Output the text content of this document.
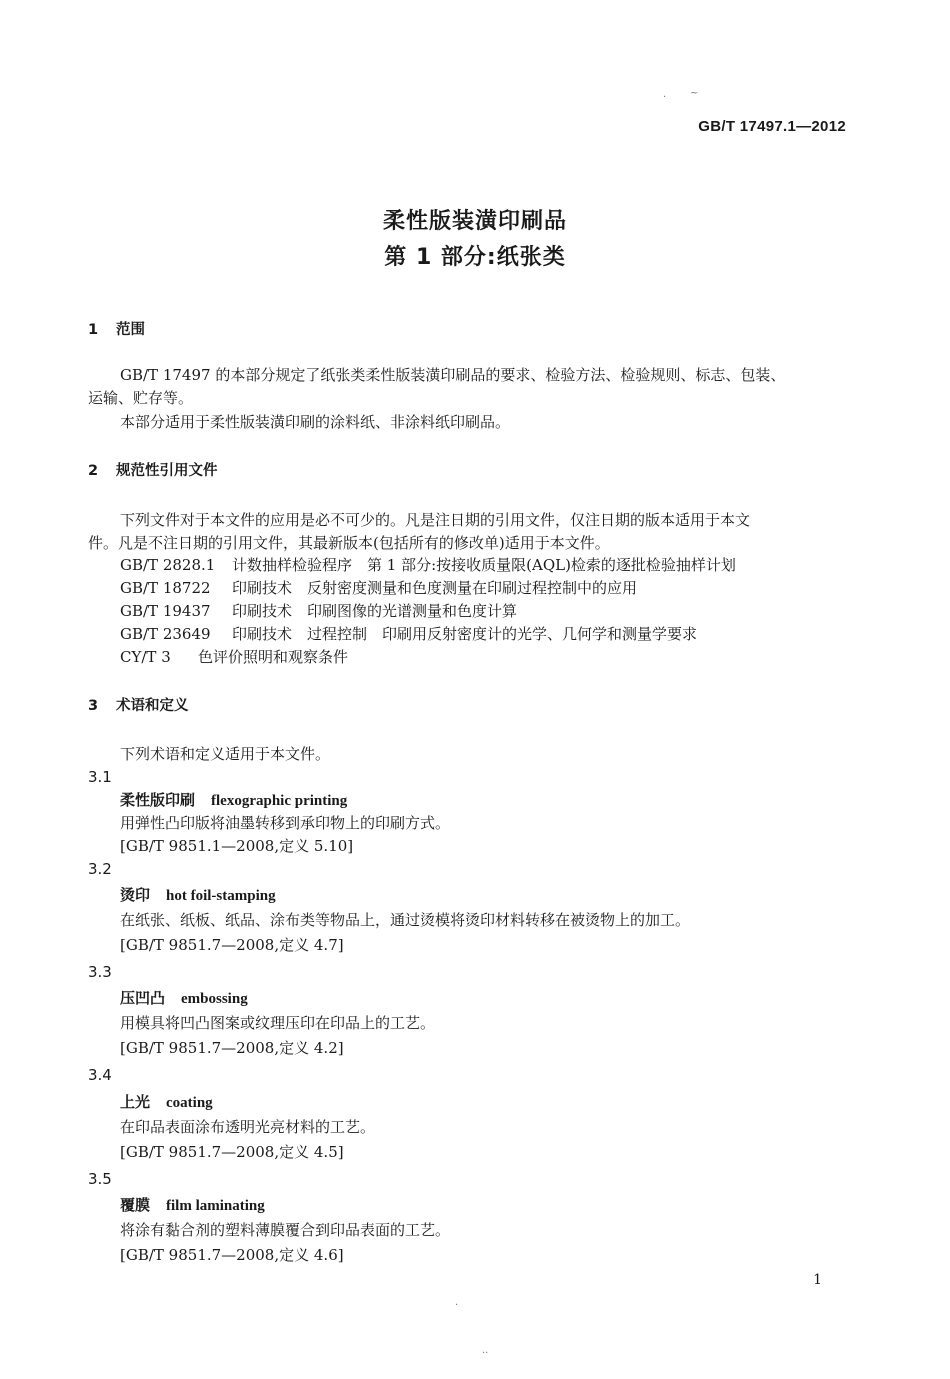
· ~
GB/T 17497.1—2012
柔性版装潢印刷品
第 1 部分:纸张类
1 范围
GB/T 17497 的本部分规定了纸张类柔性版装潢印刷品的要求、检验方法、检验规则、标志、包装、
运输、贮存等。
本部分适用于柔性版装潢印刷的涂料纸、非涂料纸印刷品。
2 规范性引用文件
下列文件对于本文件的应用是必不可少的。凡是注日期的引用文件，仅注日期的版本适用于本文
件。凡是不注日期的引用文件，其最新版本(包括所有的修改单)适用于本文件。
GB/T 2828.1 计数抽样检验程序　第 1 部分:按接收质量限(AQL)检索的逐批检验抽样计划
GB/T 18722 印刷技术　反射密度测量和色度测量在印刷过程控制中的应用
GB/T 19437 印刷技术　印刷图像的光谱测量和色度计算
GB/T 23649 印刷技术　过程控制　印刷用反射密度计的光学、几何学和测量学要求
CY/T 3 色评价照明和观察条件
3 术语和定义
下列术语和定义适用于本文件。
3.1
柔性版印刷 flexographic printing
用弹性凸印版将油墨转移到承印物上的印刷方式。
[GB/T 9851.1—2008,定义 5.10]
3.2
烫印 hot foil-stamping
在纸张、纸板、纸品、涂布类等物品上，通过烫模将烫印材料转移在被烫物上的加工。
[GB/T 9851.7—2008,定义 4.7]
3.3
压凹凸 embossing
用模具将凹凸图案或纹理压印在印品上的工艺。
[GB/T 9851.7—2008,定义 4.2]
3.4
上光 coating
在印品表面涂布透明光亮材料的工艺。
[GB/T 9851.7—2008,定义 4.5]
3.5
覆膜 film laminating
将涂有黏合剂的塑料薄膜覆合到印品表面的工艺。
[GB/T 9851.7—2008,定义 4.6]
1
·
··
